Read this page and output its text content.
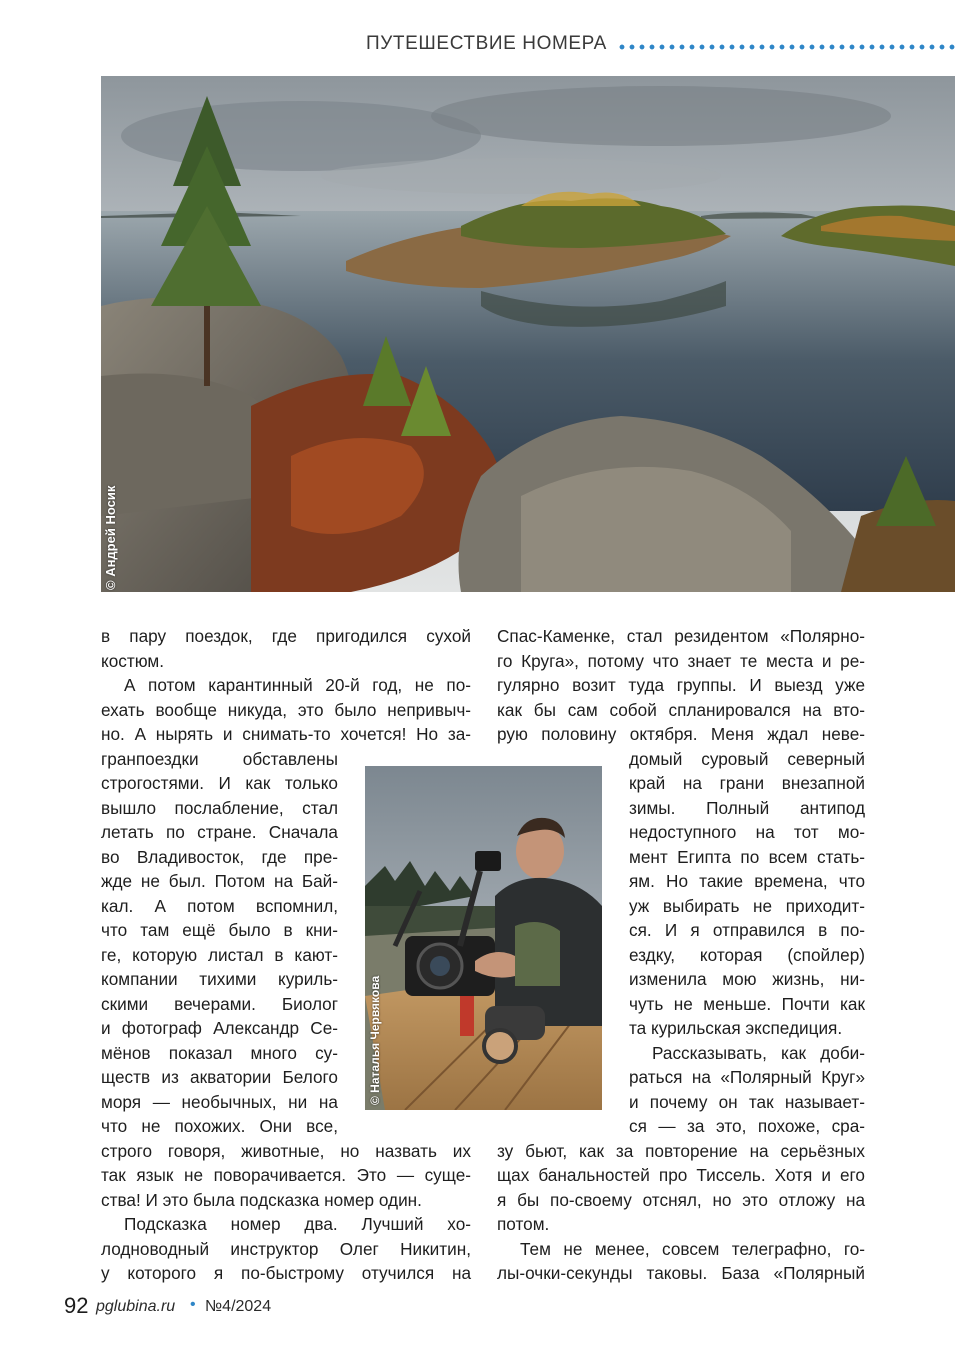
ПУТЕШЕСТВИЕ НОМЕРА
© Андрей Носик
© Наталья Червякова
в пару поездок, где пригодился сухой
костюм.
А потом карантинный 20-й год, не по-
ехать вообще никуда, это было непривыч-
но. А нырять и снимать-то хочется! Но за-
гранпоездки обставлены
строгостями. И как только
вышло послабление, стал
летать по стране. Сначала
во Владивосток, где пре-
жде не был. Потом на Бай-
кал. А потом вспомнил,
что там ещё было в кни-
ге, которую листал в кают-
компании тихими куриль-
скими вечерами. Биолог
и фотограф Александр Се-
мёнов показал много су-
ществ из акватории Белого
моря — необычных, ни на
что не похожих. Они все,
строго говоря, животные, но назвать их
так язык не поворачивается. Это — суще-
ства! И это была подсказка номер один.
Подсказка номер два. Лучший хо-
лодноводный инструктор Олег Никитин,
у которого я по-быстрому отучился на
Спас-Каменке, стал резидентом «Полярно-
го Круга», потому что знает те места и ре-
гулярно возит туда группы. И выезд уже
как бы сам собой спланировался на вто-
рую половину октября. Меня ждал неве-
домый суровый северный
край на грани внезапной
зимы. Полный антипод
недоступного на тот мо-
мент Египта по всем стать-
ям. Но такие времена, что
уж выбирать не приходит-
ся. И я отправился в по-
ездку, которая (спойлер)
изменила мою жизнь, ни-
чуть не меньше. Почти как
та курильская экспедиция.
Рассказывать, как доби-
раться на «Полярный Круг»
и почему он так называет-
ся — за это, похоже, сра-
зу бьют, как за повторение на серьёзных
щах банальностей про Тиссель. Хотя и его
я бы по-своему отснял, но это отложу на
потом.
Тем не менее, совсем телеграфно, го-
лы-очки-секунды таковы. База «Полярный
92 pglubina.ru • №4/2024
